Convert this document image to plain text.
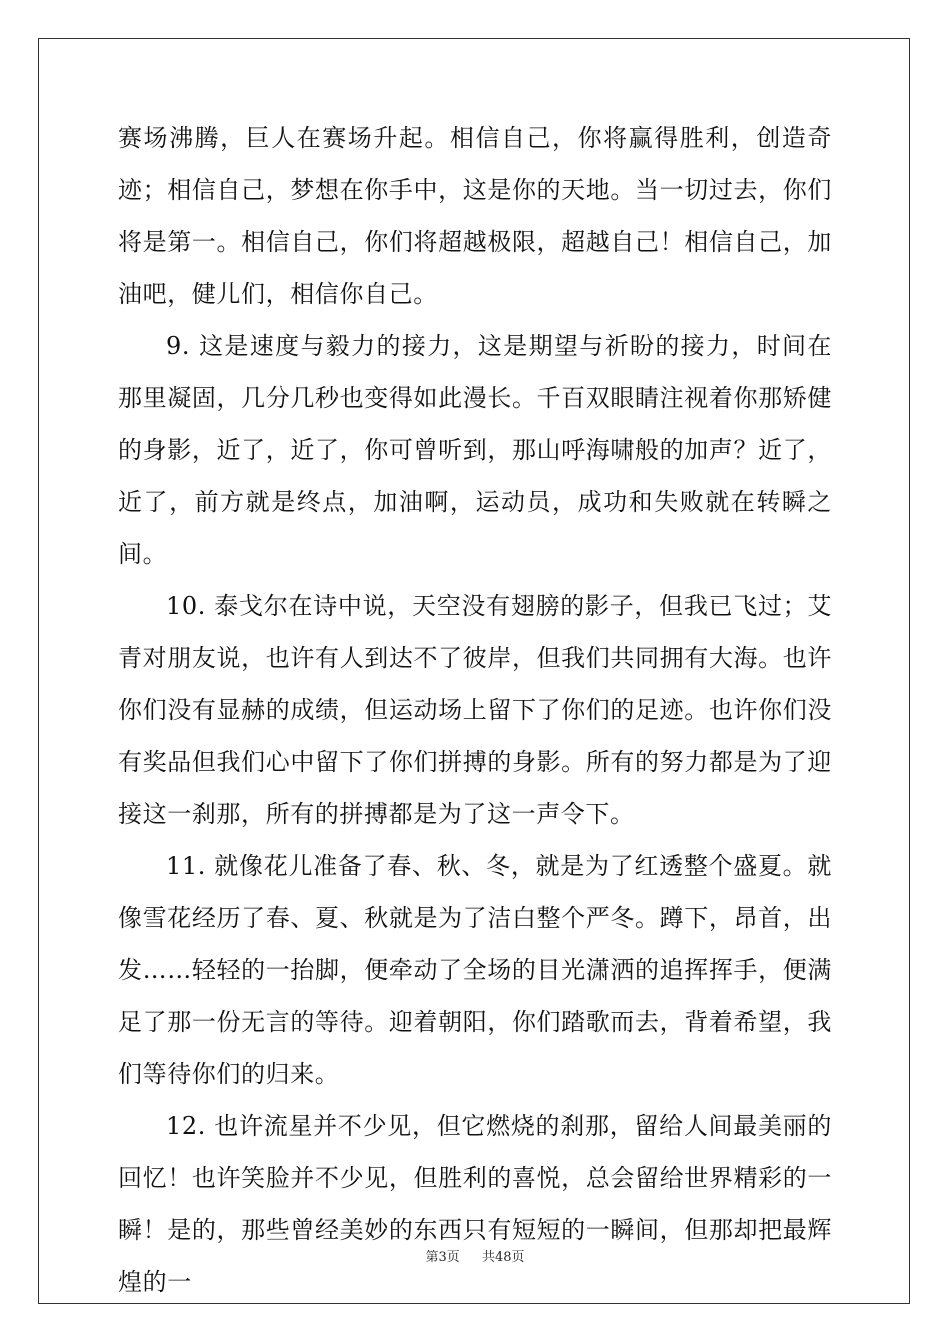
赛场沸腾，巨人在赛场升起。相信自己，你将赢得胜利，创造奇迹；相信自己，梦想在你手中，这是你的天地。当一切过去，你们将是第一。相信自己，你们将超越极限，超越自己！相信自己，加油吧，健儿们，相信你自己。

9. 这是速度与毅力的接力，这是期望与祈盼的接力，时间在那里凝固，几分几秒也变得如此漫长。千百双眼睛注视着你那矫健的身影，近了，近了，你可曾听到，那山呼海啸般的加声？近了，近了，前方就是终点，加油啊，运动员，成功和失败就在转瞬之间。

10. 泰戈尔在诗中说，天空没有翅膀的影子，但我已飞过；艾青对朋友说，也许有人到达不了彼岸，但我们共同拥有大海。也许你们没有显赫的成绩，但运动场上留下了你们的足迹。也许你们没有奖品但我们心中留下了你们拼搏的身影。所有的努力都是为了迎接这一刹那，所有的拼搏都是为了这一声令下。

11. 就像花儿准备了春、秋、冬，就是为了红透整个盛夏。就像雪花经历了春、夏、秋就是为了洁白整个严冬。蹲下，昂首，出发……轻轻的一抬脚，便牵动了全场的目光潇洒的追挥挥手，便满足了那一份无言的等待。迎着朝阳，你们踏歌而去，背着希望，我们等待你们的归来。

12. 也许流星并不少见，但它燃烧的刹那，留给人间最美丽的回忆！也许笑脸并不少见，但胜利的喜悦，总会留给世界精彩的一瞬！是的，那些曾经美妙的东西只有短短的一瞬间，但那却把最辉煌的一

第3页 共48页
